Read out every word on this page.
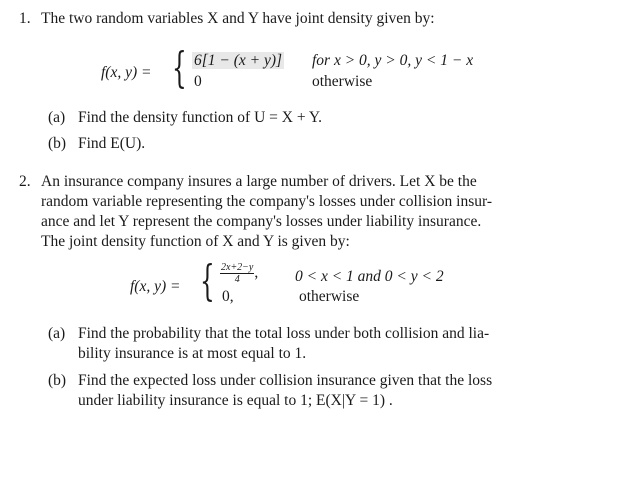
1. The two random variables X and Y have joint density given by:
f(x, y) = { 6[1 − (x + y)] for x > 0, y > 0, y < 1 − x
0	otherwise
(a) Find the density function of U = X + Y.
(b) Find E(U).
2. An insurance company insures a large number of drivers. Let X be the
random variable representing the company's losses under collision insur-
ance and let Y represent the company's losses under liability insurance.
The joint density function of X and Y is given by:
f(x, y) = { $\frac{2x+2-y}{4}$ , 0 < x < 1 and 0 < y < 2
0,	otherwise
(a) Find the probability that the total loss under both collision and lia-
bility insurance is at most equal to 1.
(b) Find the expected loss under collision insurance given that the loss
under liability insurance is equal to 1; E(X|Y = 1) .
